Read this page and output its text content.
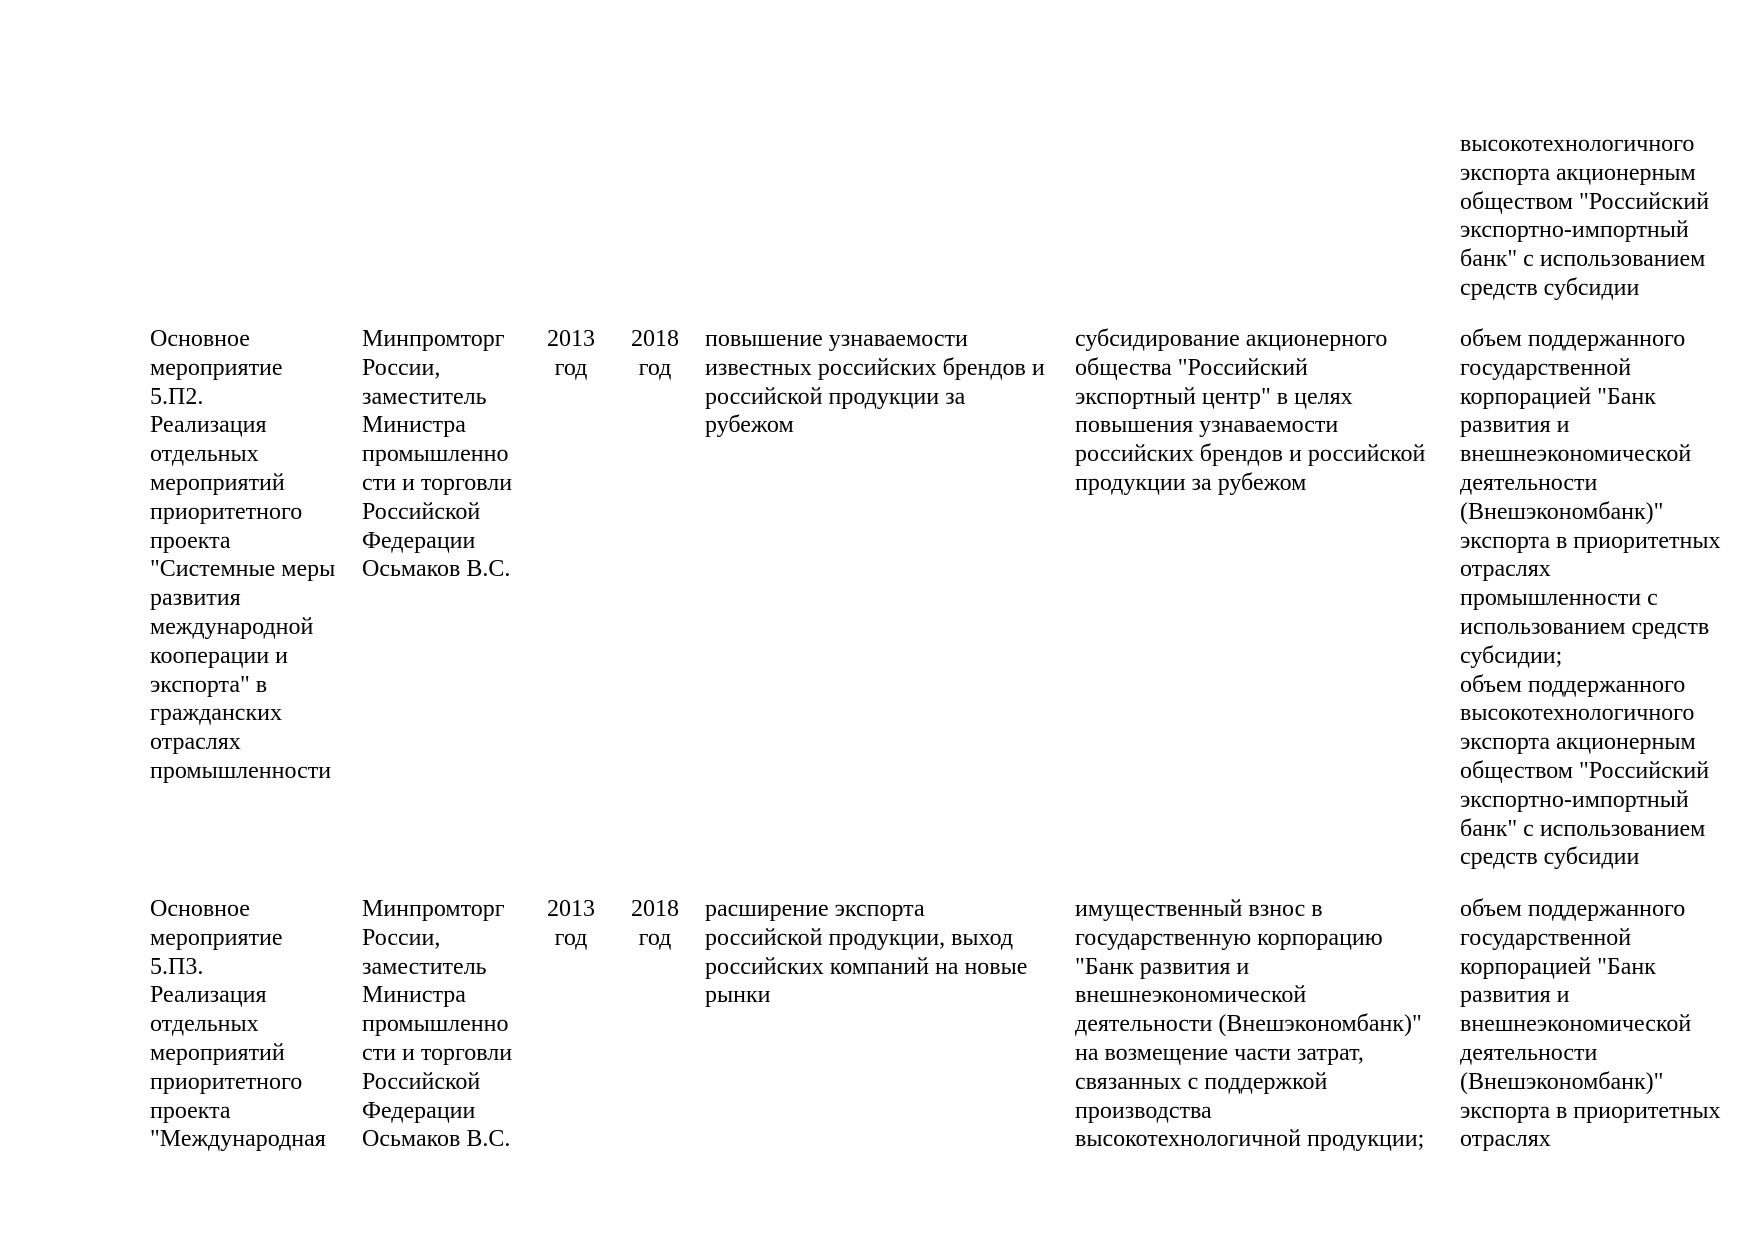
высокотехнологичного
экспорта акционерным
обществом "Российский
экспортно-импортный
банк" с использованием
средств субсидии
Основное
мероприятие
5.П2.
Реализация
отдельных
мероприятий
приоритетного
проекта
"Системные меры
развития
международной
кооперации и
экспорта" в
гражданских
отраслях
промышленности
Минпромторг
России,
заместитель
Министра
промышленно
сти и торговли
Российской
Федерации
Осьмаков В.С.
2013
год
2018
год
повышение узнаваемости
известных российских брендов и
российской продукции за
рубежом
субсидирование акционерного
общества "Российский
экспортный центр" в целях
повышения узнаваемости
российских брендов и российской
продукции за рубежом
объем поддержанного
государственной
корпорацией "Банк
развития и
внешнеэкономической
деятельности
(Внешэкономбанк)"
экспорта в приоритетных
отраслях
промышленности с
использованием средств
субсидии;
объем поддержанного
высокотехнологичного
экспорта акционерным
обществом "Российский
экспортно-импортный
банк" с использованием
средств субсидии
Основное
мероприятие
5.П3.
Реализация
отдельных
мероприятий
приоритетного
проекта
"Международная
Минпромторг
России,
заместитель
Министра
промышленно
сти и торговли
Российской
Федерации
Осьмаков В.С.
2013
год
2018
год
расширение экспорта
российской продукции, выход
российских компаний на новые
рынки
имущественный взнос в
государственную корпорацию
"Банк развития и
внешнеэкономической
деятельности (Внешэкономбанк)"
на возмещение части затрат,
связанных с поддержкой
производства
высокотехнологичной продукции;
объем поддержанного
государственной
корпорацией "Банк
развития и
внешнеэкономической
деятельности
(Внешэкономбанк)"
экспорта в приоритетных
отраслях
